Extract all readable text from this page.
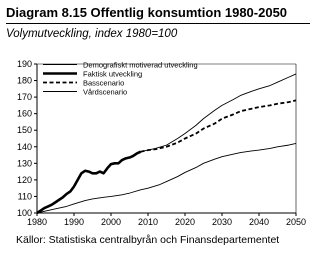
Diagram 8.15 Offentlig konsumtion 1980-2050
Volymutveckling, index 1980=100
100
110
120
130
140
150
160
170
180
190
1980 1990 2000 2010 2020 2030 2040 2050
Demografiskt motiverad utveckling
Faktisk utveckling
Basscenario
Vårdscenario
Källor: Statistiska centralbyrån och Finansdepartementet
